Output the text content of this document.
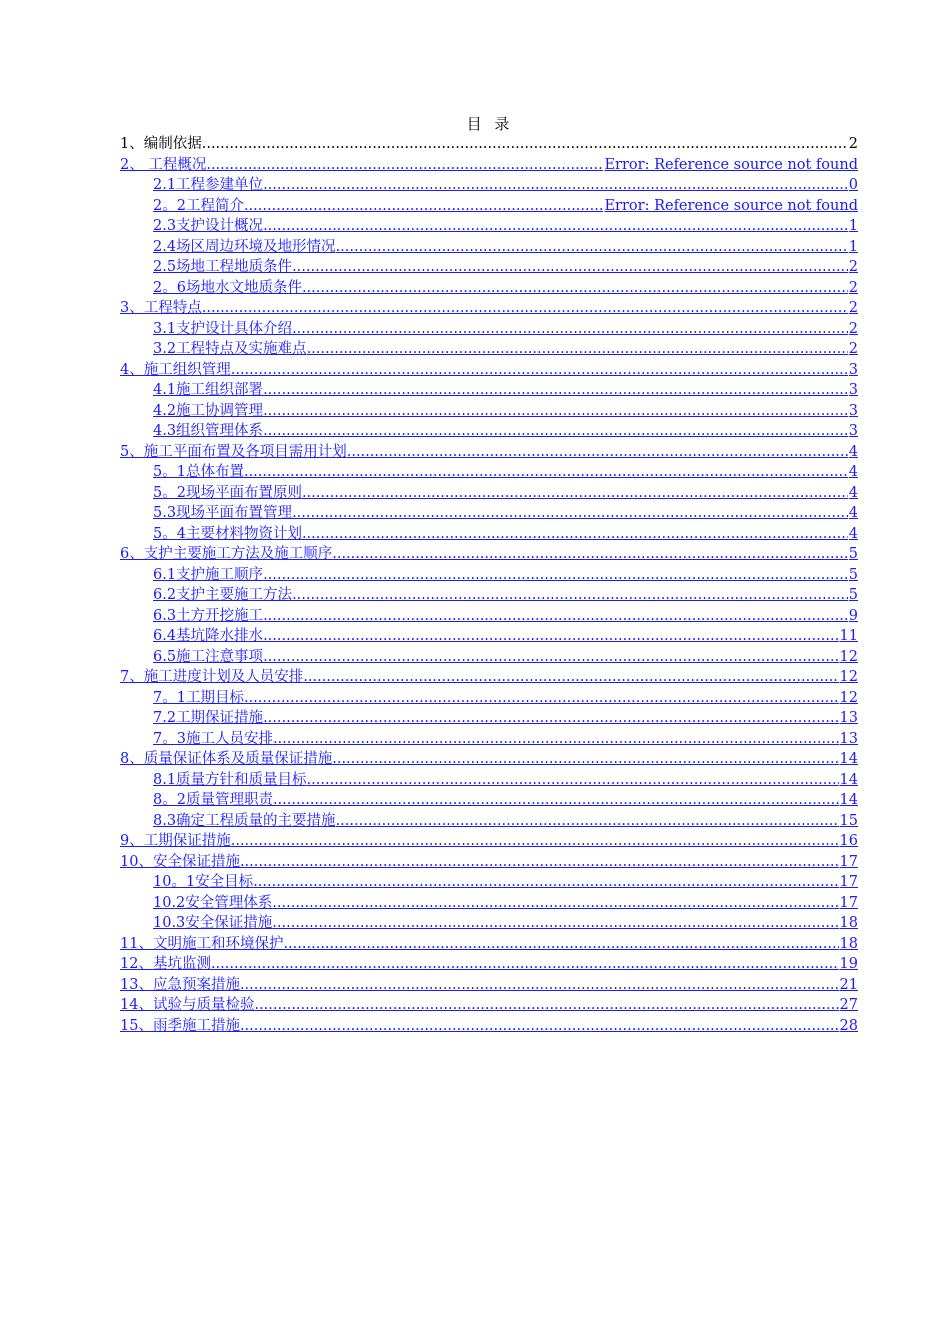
目 录
1、编制依据 .....	2
2、 工程概况 .....	Error: Reference source not found
2.1工程参建单位 .....	0
2。2工程简介 .....	Error: Reference source not found
2.3支护设计概况 .....	1
2.4场区周边环境及地形情况 .....	1
2.5场地工程地质条件 .....	2
2。6场地水文地质条件 .....	2
3、工程特点 .....	2
3.1支护设计具体介绍 .....	2
3.2工程特点及实施难点 .....	2
4、施工组织管理 .....	3
4.1施工组织部署 .....	3
4.2施工协调管理 .....	3
4.3组织管理体系 .....	3
5、施工平面布置及各项目需用计划 .....	4
5。1总体布置 .....	4
5。2现场平面布置原则 .....	4
5.3现场平面布置管理 .....	4
5。4主要材料物资计划 .....	4
6、支护主要施工方法及施工顺序 .....	5
6.1支护施工顺序 .....	5
6.2支护主要施工方法 .....	5
6.3土方开挖施工 .....	9
6.4基坑降水排水 .....	11
6.5施工注意事项 .....	12
7、施工进度计划及人员安排 .....	12
7。1工期目标 .....	12
7.2工期保证措施 .....	13
7。3施工人员安排 .....	13
8、质量保证体系及质量保证措施 .....	14
8.1质量方针和质量目标 .....	14
8。2质量管理职责 .....	14
8.3确定工程质量的主要措施 .....	15
9、工期保证措施 .....	16
10、安全保证措施 .....	17
10。1安全目标 .....	17
10.2安全管理体系 .....	17
10.3安全保证措施 .....	18
11、文明施工和环境保护 .....	18
12、基坑监测 .....	19
13、应急预案措施 .....	21
14、试验与质量检验 .....	27
15、雨季施工措施 .....	28
